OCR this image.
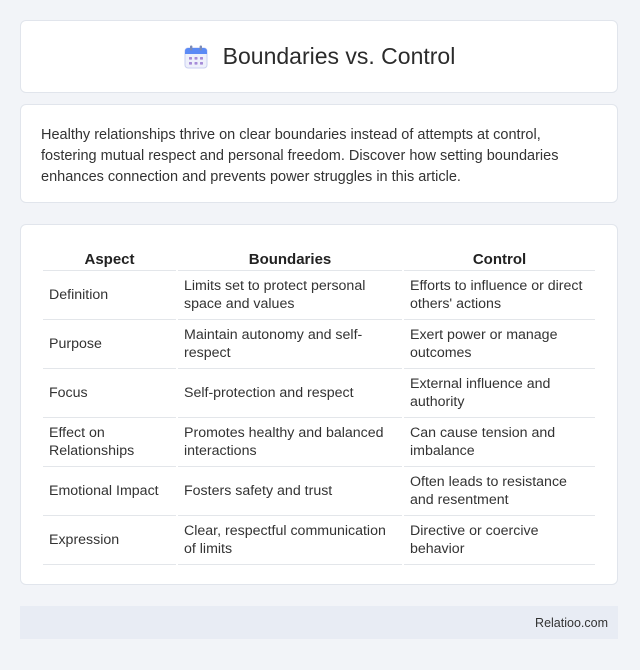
Boundaries vs. Control

Healthy relationships thrive on clear boundaries instead of attempts at control, fostering mutual respect and personal freedom. Discover how setting boundaries enhances connection and prevents power struggles in this article.

Aspect	Boundaries	Control
Definition	Limits set to protect personal space and values	Efforts to influence or direct others' actions
Purpose	Maintain autonomy and self-respect	Exert power or manage outcomes
Focus	Self-protection and respect	External influence and authority
Effect on Relationships	Promotes healthy and balanced interactions	Can cause tension and imbalance
Emotional Impact	Fosters safety and trust	Often leads to resistance and resentment
Expression	Clear, respectful communication of limits	Directive or coercive behavior
Relatioo.com
